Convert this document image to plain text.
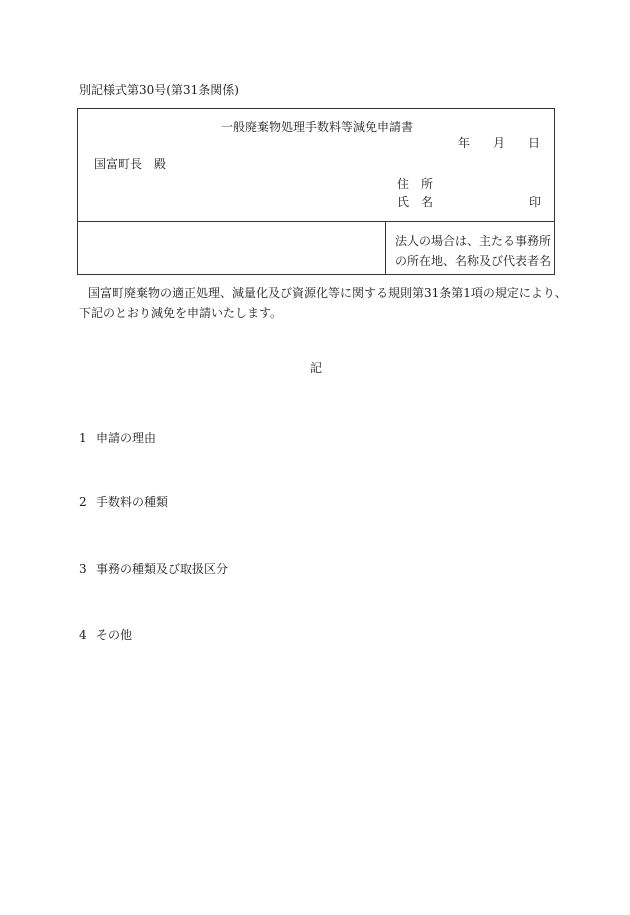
別記様式第30号(第31条関係)
一般廃棄物処理手数料等減免申請書
年 月 日
国富町長　殿
住　所
氏　名	印
法人の場合は、主たる事務所
の所在地、名称及び代表者名
国富町廃棄物の適正処理、減量化及び資源化等に関する規則第31条第1項の規定により、
下記のとおり減免を申請いたします。
記
1 申請の理由
2 手数料の種類
3 事務の種類及び取扱区分
4 その他
